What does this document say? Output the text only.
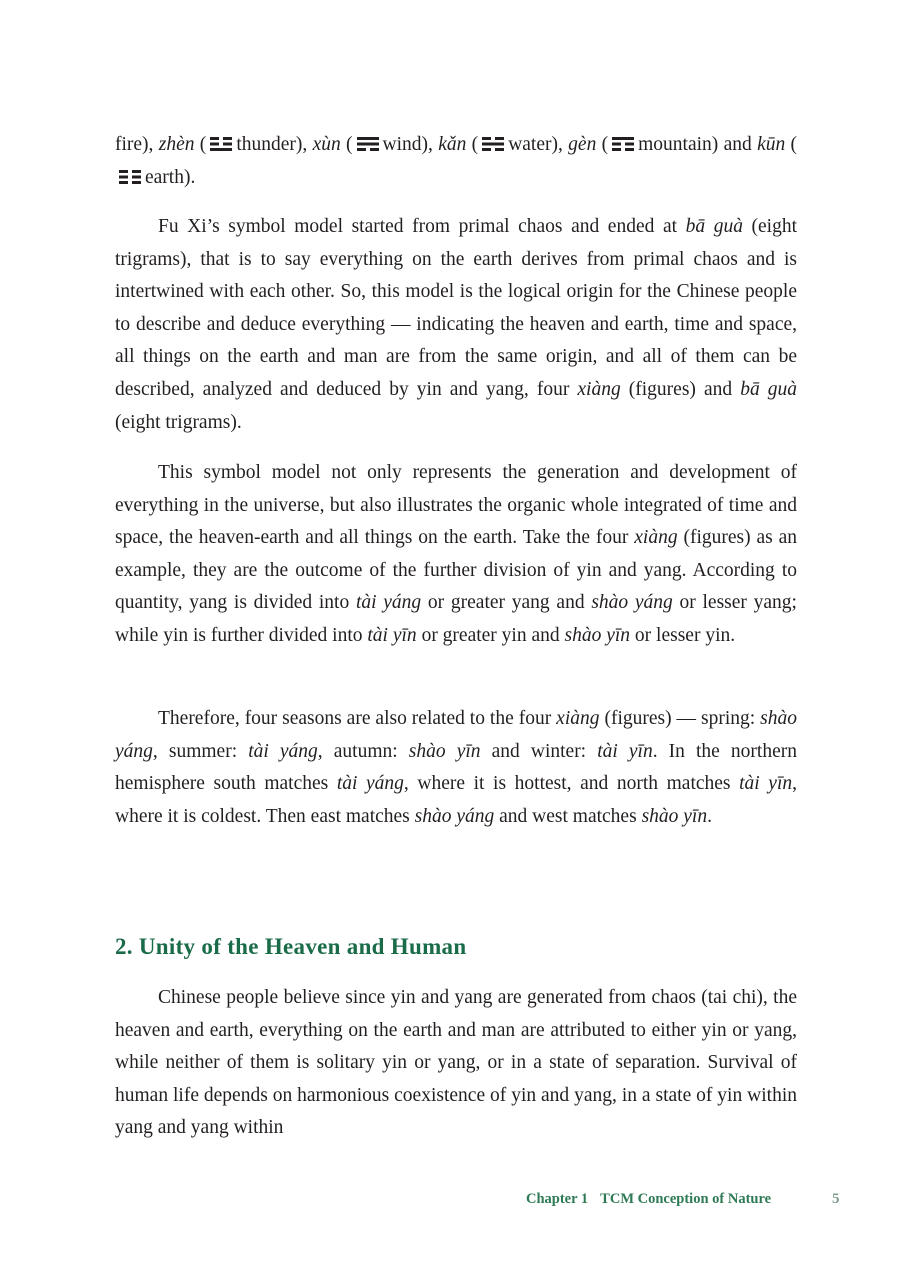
fire), zhèn ( thunder), xùn ( wind), kǎn ( water), gèn ( mountain) and kūn (
earth).

Fu Xi’s symbol model started from primal chaos and ended at bā guà (eight trigrams), that is to say everything on the earth derives from primal chaos and is intertwined with each other. So, this model is the logical origin for the Chinese people to describe and deduce everything — indicating the heaven and earth, time and space, all things on the earth and man are from the same origin, and all of them can be described, analyzed and deduced by yin and yang, four xiàng (figures) and bā guà (eight trigrams).

This symbol model not only represents the generation and development of everything in the universe, but also illustrates the organic whole integrated of time and space, the heaven-earth and all things on the earth. Take the four xiàng (figures) as an example, they are the outcome of the further division of yin and yang. According to quantity, yang is divided into tài yáng or greater yang and shào yáng or lesser yang; while yin is further divided into tài yīn or greater yin and shào yīn or lesser yin.

Therefore, four seasons are also related to the four xiàng (figures) — spring: shào yáng, summer: tài yáng, autumn: shào yīn and winter: tài yīn. In the northern hemisphere south matches tài yáng, where it is hottest, and north matches tài yīn, where it is coldest. Then east matches shào yáng and west matches shào yīn.

2. Unity of the Heaven and Human

Chinese people believe since yin and yang are generated from chaos (tai chi), the heaven and earth, everything on the earth and man are attributed to either yin or yang, while neither of them is solitary yin or yang, or in a state of separation. Survival of human life depends on harmonious coexistence of yin and yang, in a state of yin within yang and yang within

Chapter 1 TCM Conception of Nature	5
